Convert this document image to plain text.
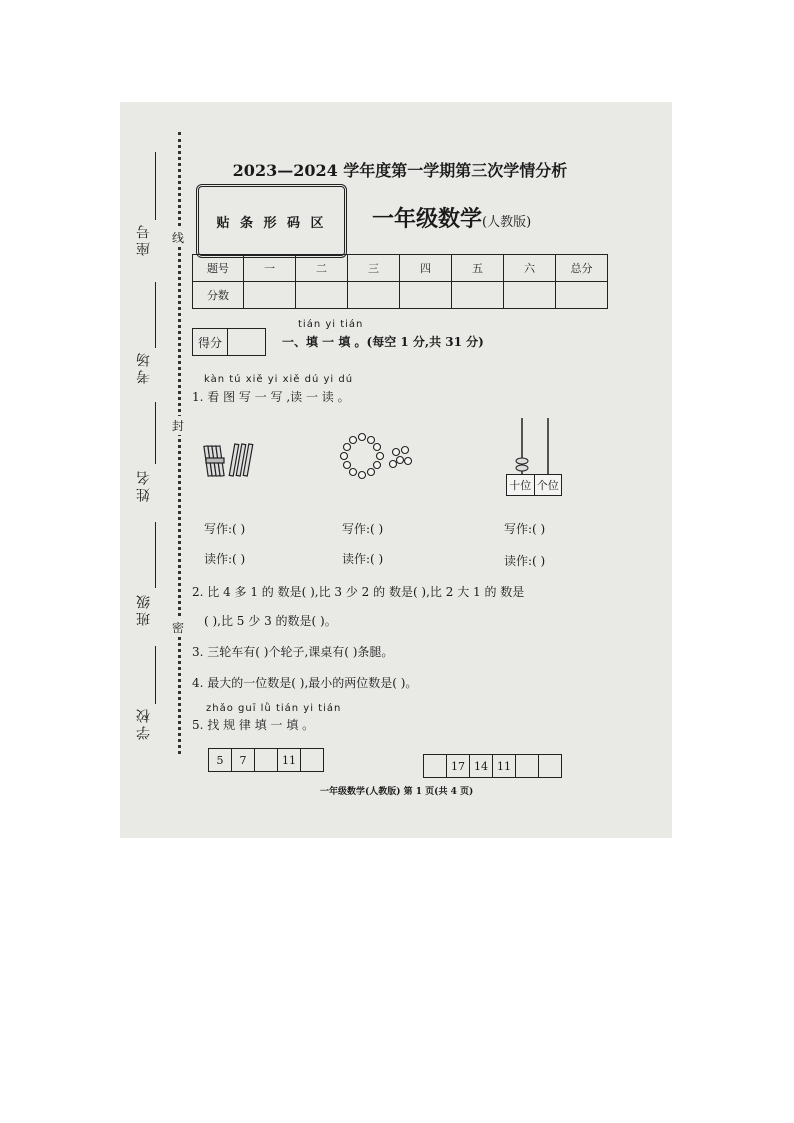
座号
考场
姓名
班级
学校
线
封
密
2023—2024 学年度第一学期第三次学情分析
贴 条 形 码 区 一年级数学(人教版)
题号	一	二	三	四	五	六	总分
分数							
得分
tián yi tián
一、填 一 填 。(每空 1 分,共 31 分)
kàn tú xiě yi xiě dú yi dú
1. 看 图 写 一 写 ,读 一 读 。
十位 个位
写作:( )	写作:( )	写作:( )
读作:( )	读作:( )	读作:( )
2. 比 4 多 1 的 数是( ),比 3 少 2 的 数是( ),比 2 大 1 的 数是
( ),比 5 少 3 的数是( )。
3. 三轮车有( )个轮子,课桌有( )条腿。
4. 最大的一位数是( ),最小的两位数是( )。
zhǎo guī lǜ tián yi tián
5. 找 规 律 填 一 填 。
5	7	11	17 14 11
一年级数学(人教版) 第 1 页(共 4 页)
